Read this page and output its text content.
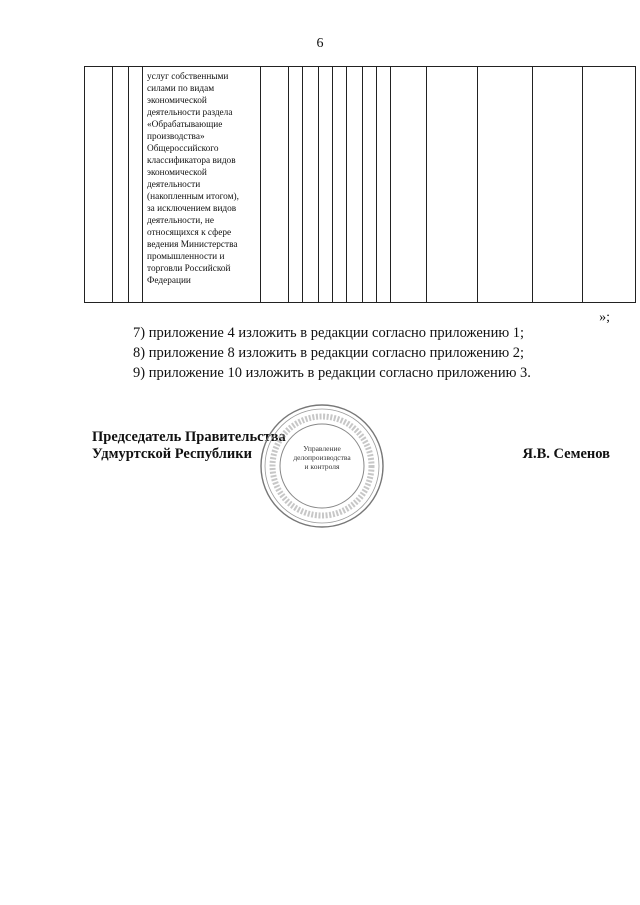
6

услуг собственными
силами по видам
экономической
деятельности раздела
«Обрабатывающие
производства»
Общероссийского
классификатора видов
экономической
деятельности
(накопленным итогом),
за исключением видов
деятельности, не
относящихся к сфере
ведения Министерства
промышленности и
торговли Российской
Федерации

»;
7) приложение 4 изложить в редакции согласно приложению 1;
8) приложение 8 изложить в редакции согласно приложению 2;
9) приложение 10 изложить в редакции согласно приложению 3.
Председатель Правительства
Удмуртской Республики	Я.В. Семенов
Управление
делопроизводства
и контроля
